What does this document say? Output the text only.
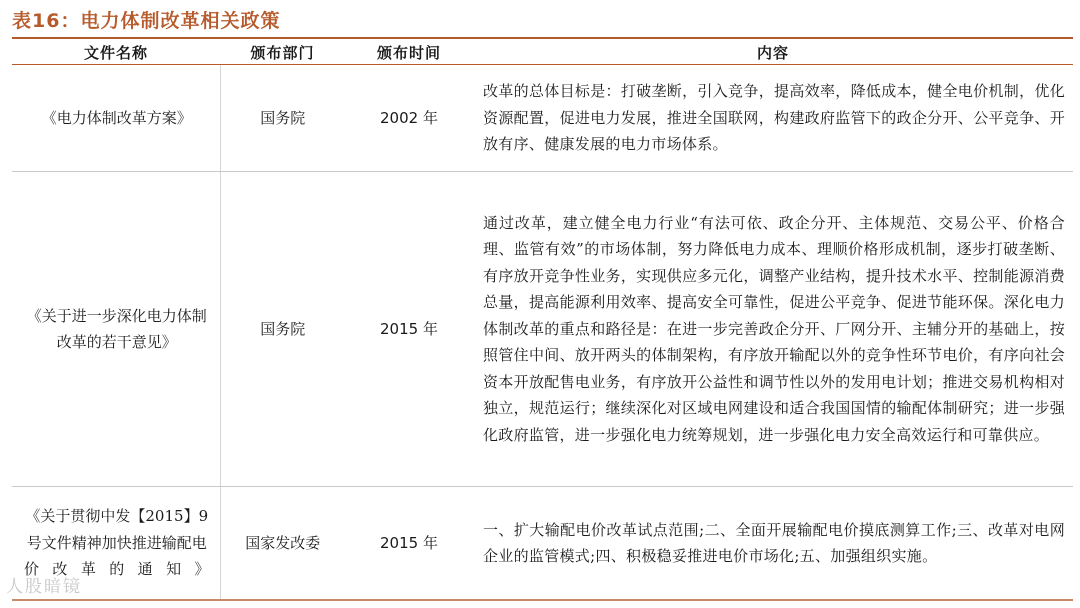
表16：电力体制改革相关政策
文件名称	颁布部门	颁布时间	内容
《电力体制改革方案》	国务院	2002 年	改革的总体目标是：打破垄断，引入竞争，提高效率，降低成本，健全电价机制，优化资源配置，促进电力发展，推进全国联网，构建政府监管下的政企分开、公平竞争、开放有序、健康发展的电力市场体系。
《关于进一步深化电力体制改革的若干意见》	国务院	2015 年	通过改革，建立健全电力行业“有法可依、政企分开、主体规范、交易公平、价格合理、监管有效”的市场体制，努力降低电力成本、理顺价格形成机制，逐步打破垄断、有序放开竞争性业务，实现供应多元化，调整产业结构，提升技术水平、控制能源消费总量，提高能源利用效率、提高安全可靠性，促进公平竞争、促进节能环保。深化电力体制改革的重点和路径是：在进一步完善政企分开、厂网分开、主辅分开的基础上，按照管住中间、放开两头的体制架构，有序放开输配以外的竞争性环节电价，有序向社会资本开放配售电业务，有序放开公益性和调节性以外的发用电计划；推进交易机构相对独立，规范运行；继续深化对区域电网建设和适合我国国情的输配体制研究；进一步强化政府监管，进一步强化电力统筹规划，进一步强化电力安全高效运行和可靠供应。
《关于贯彻中发【2015】9 号文件精神加快推进输配电价改革的通知》	国家发改委	2015 年	一、扩大输配电价改革试点范围;二、全面开展输配电价摸底测算工作;三、改革对电网企业的监管模式;四、积极稳妥推进电价市场化;五、加强组织实施。
人股暗镜
